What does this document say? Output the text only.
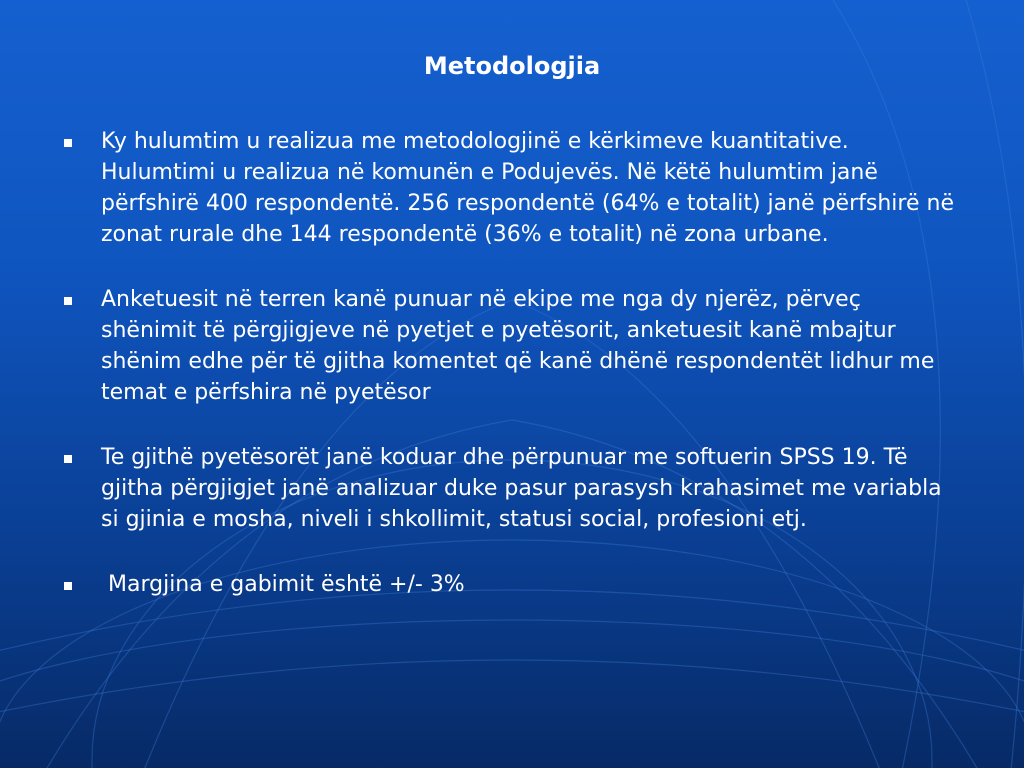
Metodologjia
Ky hulumtim u realizua me metodologjinë e kërkimeve kuantitative. Hulumtimi u realizua në komunën e Podujevës. Në këtë hulumtim janë përfshirë 400 respondentë. 256 respondentë (64% e totalit) janë përfshirë në zonat rurale dhe 144 respondentë (36% e totalit) në zona urbane.
Anketuesit në terren kanë punuar në ekipe me nga dy njerëz, përveç shënimit të përgjigjeve në pyetjet e pyetësorit, anketuesit kanë mbajtur shënim edhe për të gjitha komentet që kanë dhënë respondentët lidhur me temat e përfshira në pyetësor
Te gjithë pyetësorët janë koduar dhe përpunuar me softuerin SPSS 19. Të gjitha përgjigjet janë analizuar duke pasur parasysh krahasimet me variabla si gjinia e mosha, niveli i shkollimit, statusi social, profesioni etj.
Margjina e gabimit është +/- 3%
